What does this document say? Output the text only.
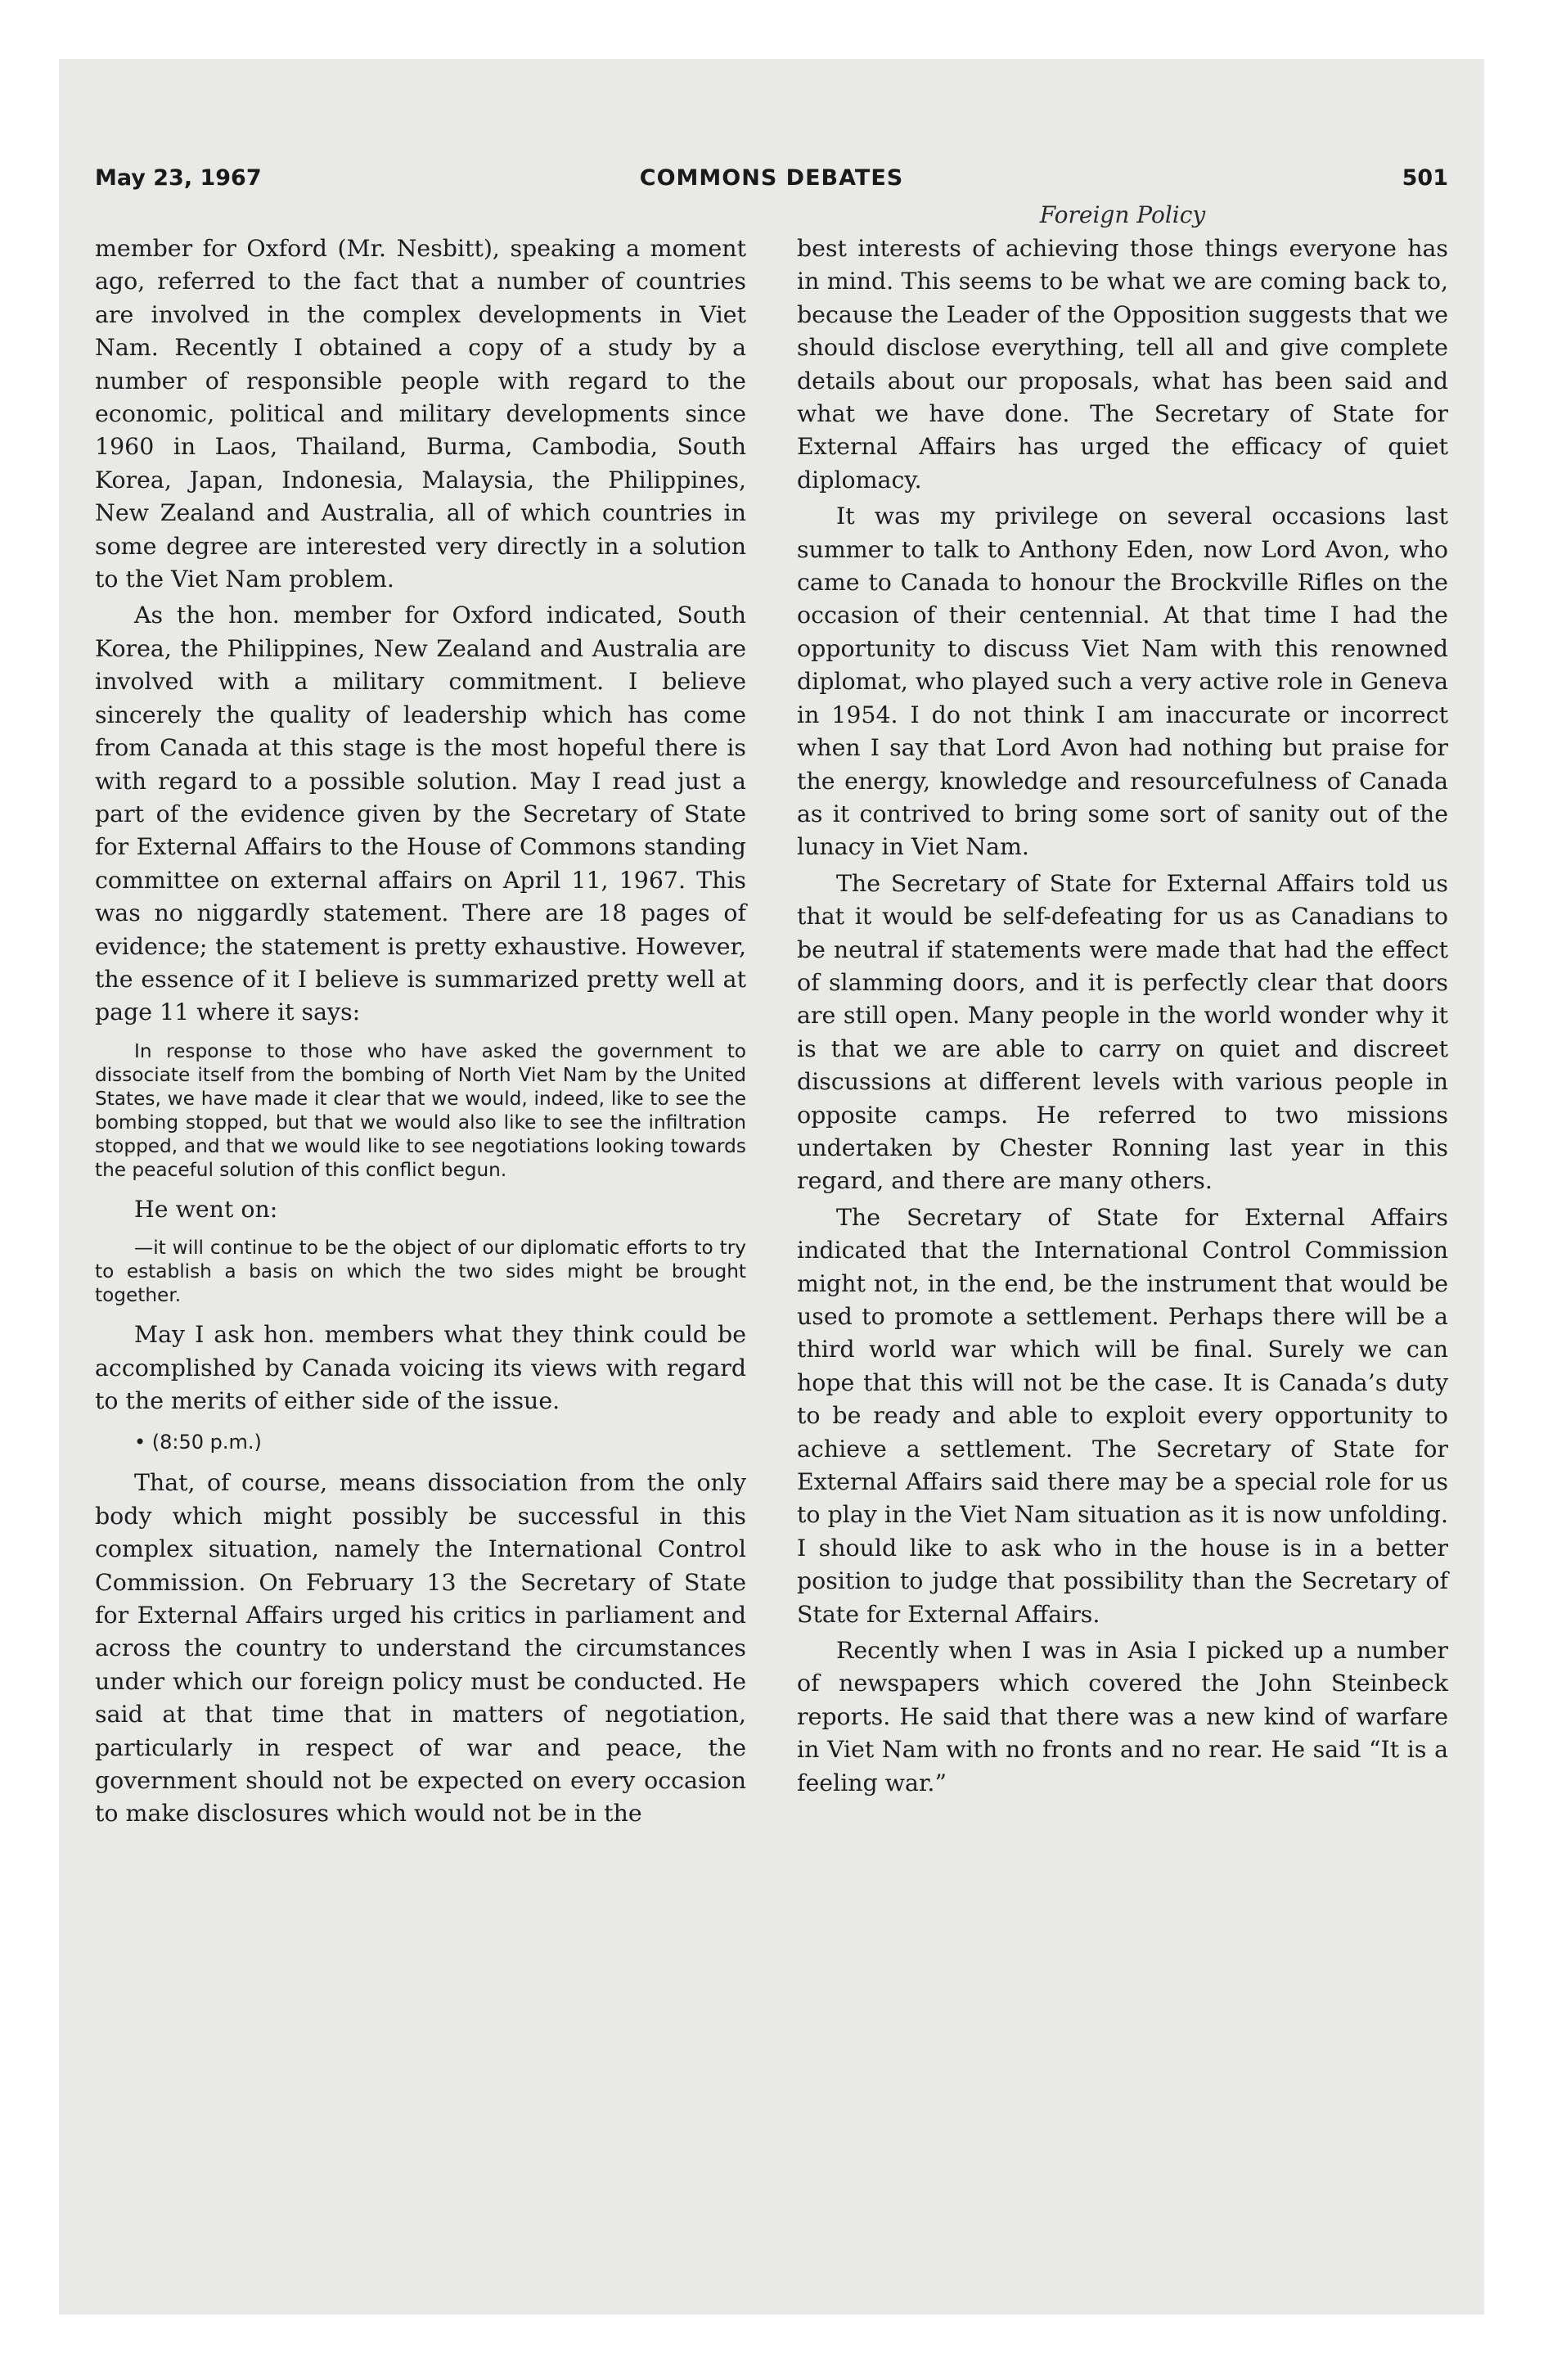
May 23, 1967	COMMONS DEBATES	501
Foreign Policy

member for Oxford (Mr. Nesbitt), speaking a moment ago, referred to the fact that a number of countries are involved in the complex developments in Viet Nam. Recently I obtained a copy of a study by a number of responsible people with regard to the economic, political and military developments since 1960 in Laos, Thailand, Burma, Cambodia, South Korea, Japan, Indonesia, Malaysia, the Philippines, New Zealand and Australia, all of which countries in some degree are interested very directly in a solution to the Viet Nam problem.

As the hon. member for Oxford indicated, South Korea, the Philippines, New Zealand and Australia are involved with a military commitment. I believe sincerely the quality of leadership which has come from Canada at this stage is the most hopeful there is with regard to a possible solution. May I read just a part of the evidence given by the Secretary of State for External Affairs to the House of Commons standing committee on external affairs on April 11, 1967. This was no niggardly statement. There are 18 pages of evidence; the statement is pretty exhaustive. However, the essence of it I believe is summarized pretty well at page 11 where it says:

In response to those who have asked the government to dissociate itself from the bombing of North Viet Nam by the United States, we have made it clear that we would, indeed, like to see the bombing stopped, but that we would also like to see the infiltration stopped, and that we would like to see negotiations looking towards the peaceful solution of this conflict begun.

He went on:

—it will continue to be the object of our diplomatic efforts to try to establish a basis on which the two sides might be brought together.

May I ask hon. members what they think could be accomplished by Canada voicing its views with regard to the merits of either side of the issue.

• (8:50 p.m.)

That, of course, means dissociation from the only body which might possibly be successful in this complex situation, namely the International Control Commission. On February 13 the Secretary of State for External Affairs urged his critics in parliament and across the country to understand the circumstances under which our foreign policy must be conducted. He said at that time that in matters of negotiation, particularly in respect of war and peace, the government should not be expected on every occasion to make disclosures which would not be in the

best interests of achieving those things everyone has in mind. This seems to be what we are coming back to, because the Leader of the Opposition suggests that we should disclose everything, tell all and give complete details about our proposals, what has been said and what we have done. The Secretary of State for External Affairs has urged the efficacy of quiet diplomacy.

It was my privilege on several occasions last summer to talk to Anthony Eden, now Lord Avon, who came to Canada to honour the Brockville Rifles on the occasion of their centennial. At that time I had the opportunity to discuss Viet Nam with this renowned diplomat, who played such a very active role in Geneva in 1954. I do not think I am inaccurate or incorrect when I say that Lord Avon had nothing but praise for the energy, knowledge and resourcefulness of Canada as it contrived to bring some sort of sanity out of the lunacy in Viet Nam.

The Secretary of State for External Affairs told us that it would be self-defeating for us as Canadians to be neutral if statements were made that had the effect of slamming doors, and it is perfectly clear that doors are still open. Many people in the world wonder why it is that we are able to carry on quiet and discreet discussions at different levels with various people in opposite camps. He referred to two missions undertaken by Chester Ronning last year in this regard, and there are many others.

The Secretary of State for External Affairs indicated that the International Control Commission might not, in the end, be the instrument that would be used to promote a settlement. Perhaps there will be a third world war which will be final. Surely we can hope that this will not be the case. It is Canada’s duty to be ready and able to exploit every opportunity to achieve a settlement. The Secretary of State for External Affairs said there may be a special role for us to play in the Viet Nam situation as it is now unfolding. I should like to ask who in the house is in a better position to judge that possibility than the Secretary of State for External Affairs.

Recently when I was in Asia I picked up a number of newspapers which covered the John Steinbeck reports. He said that there was a new kind of warfare in Viet Nam with no fronts and no rear. He said “It is a feeling war.”
